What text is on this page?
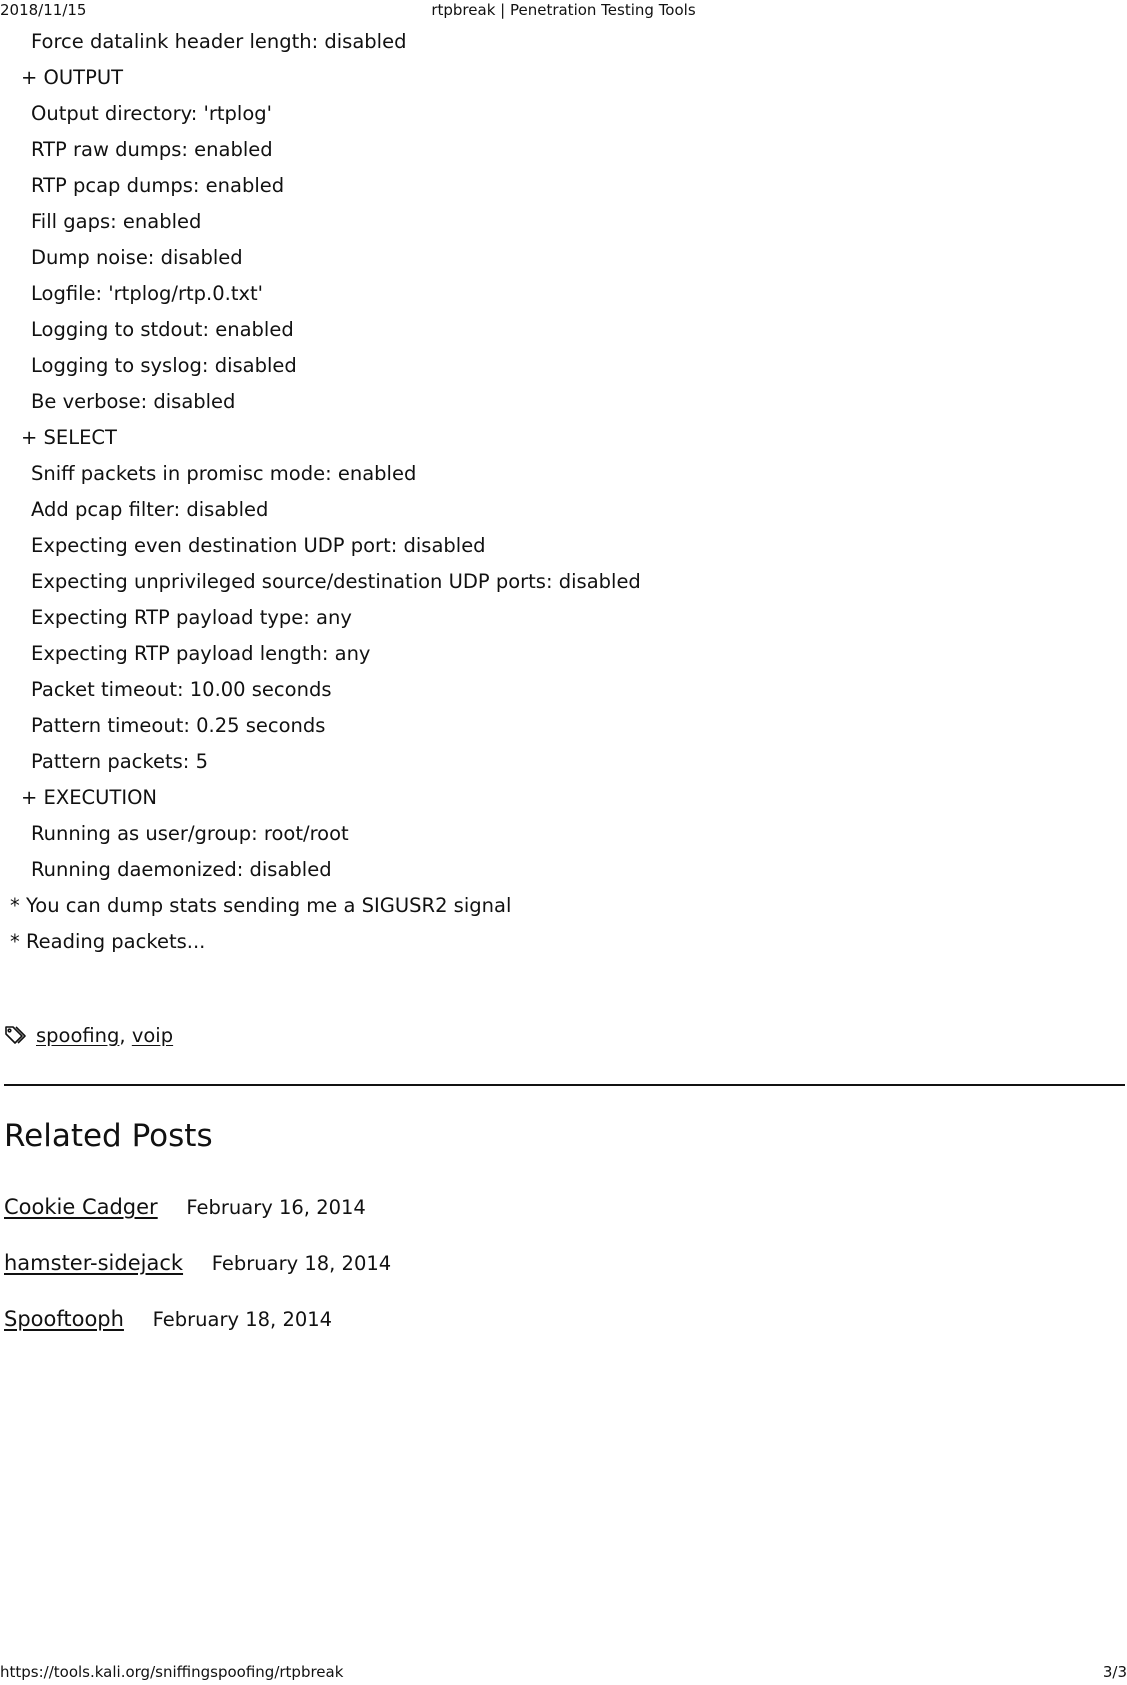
2018/11/15	rtpbreak | Penetration Testing Tools
Force datalink header length: disabled
+ OUTPUT
Output directory: 'rtplog'
RTP raw dumps: enabled
RTP pcap dumps: enabled
Fill gaps: enabled
Dump noise: disabled
Logfile: 'rtplog/rtp.0.txt'
Logging to stdout: enabled
Logging to syslog: disabled
Be verbose: disabled
+ SELECT
Sniff packets in promisc mode: enabled
Add pcap filter: disabled
Expecting even destination UDP port: disabled
Expecting unprivileged source/destination UDP ports: disabled
Expecting RTP payload type: any
Expecting RTP payload length: any
Packet timeout: 10.00 seconds
Pattern timeout: 0.25 seconds
Pattern packets: 5
+ EXECUTION
Running as user/group: root/root
Running daemonized: disabled
* You can dump stats sending me a SIGUSR2 signal
* Reading packets...
spoofing , voip
Related Posts
Cookie Cadger February 16, 2014
hamster-sidejack February 18, 2014
Spooftooph February 18, 2014
https://tools.kali.org/sniffingspoofing/rtpbreak	3/3
